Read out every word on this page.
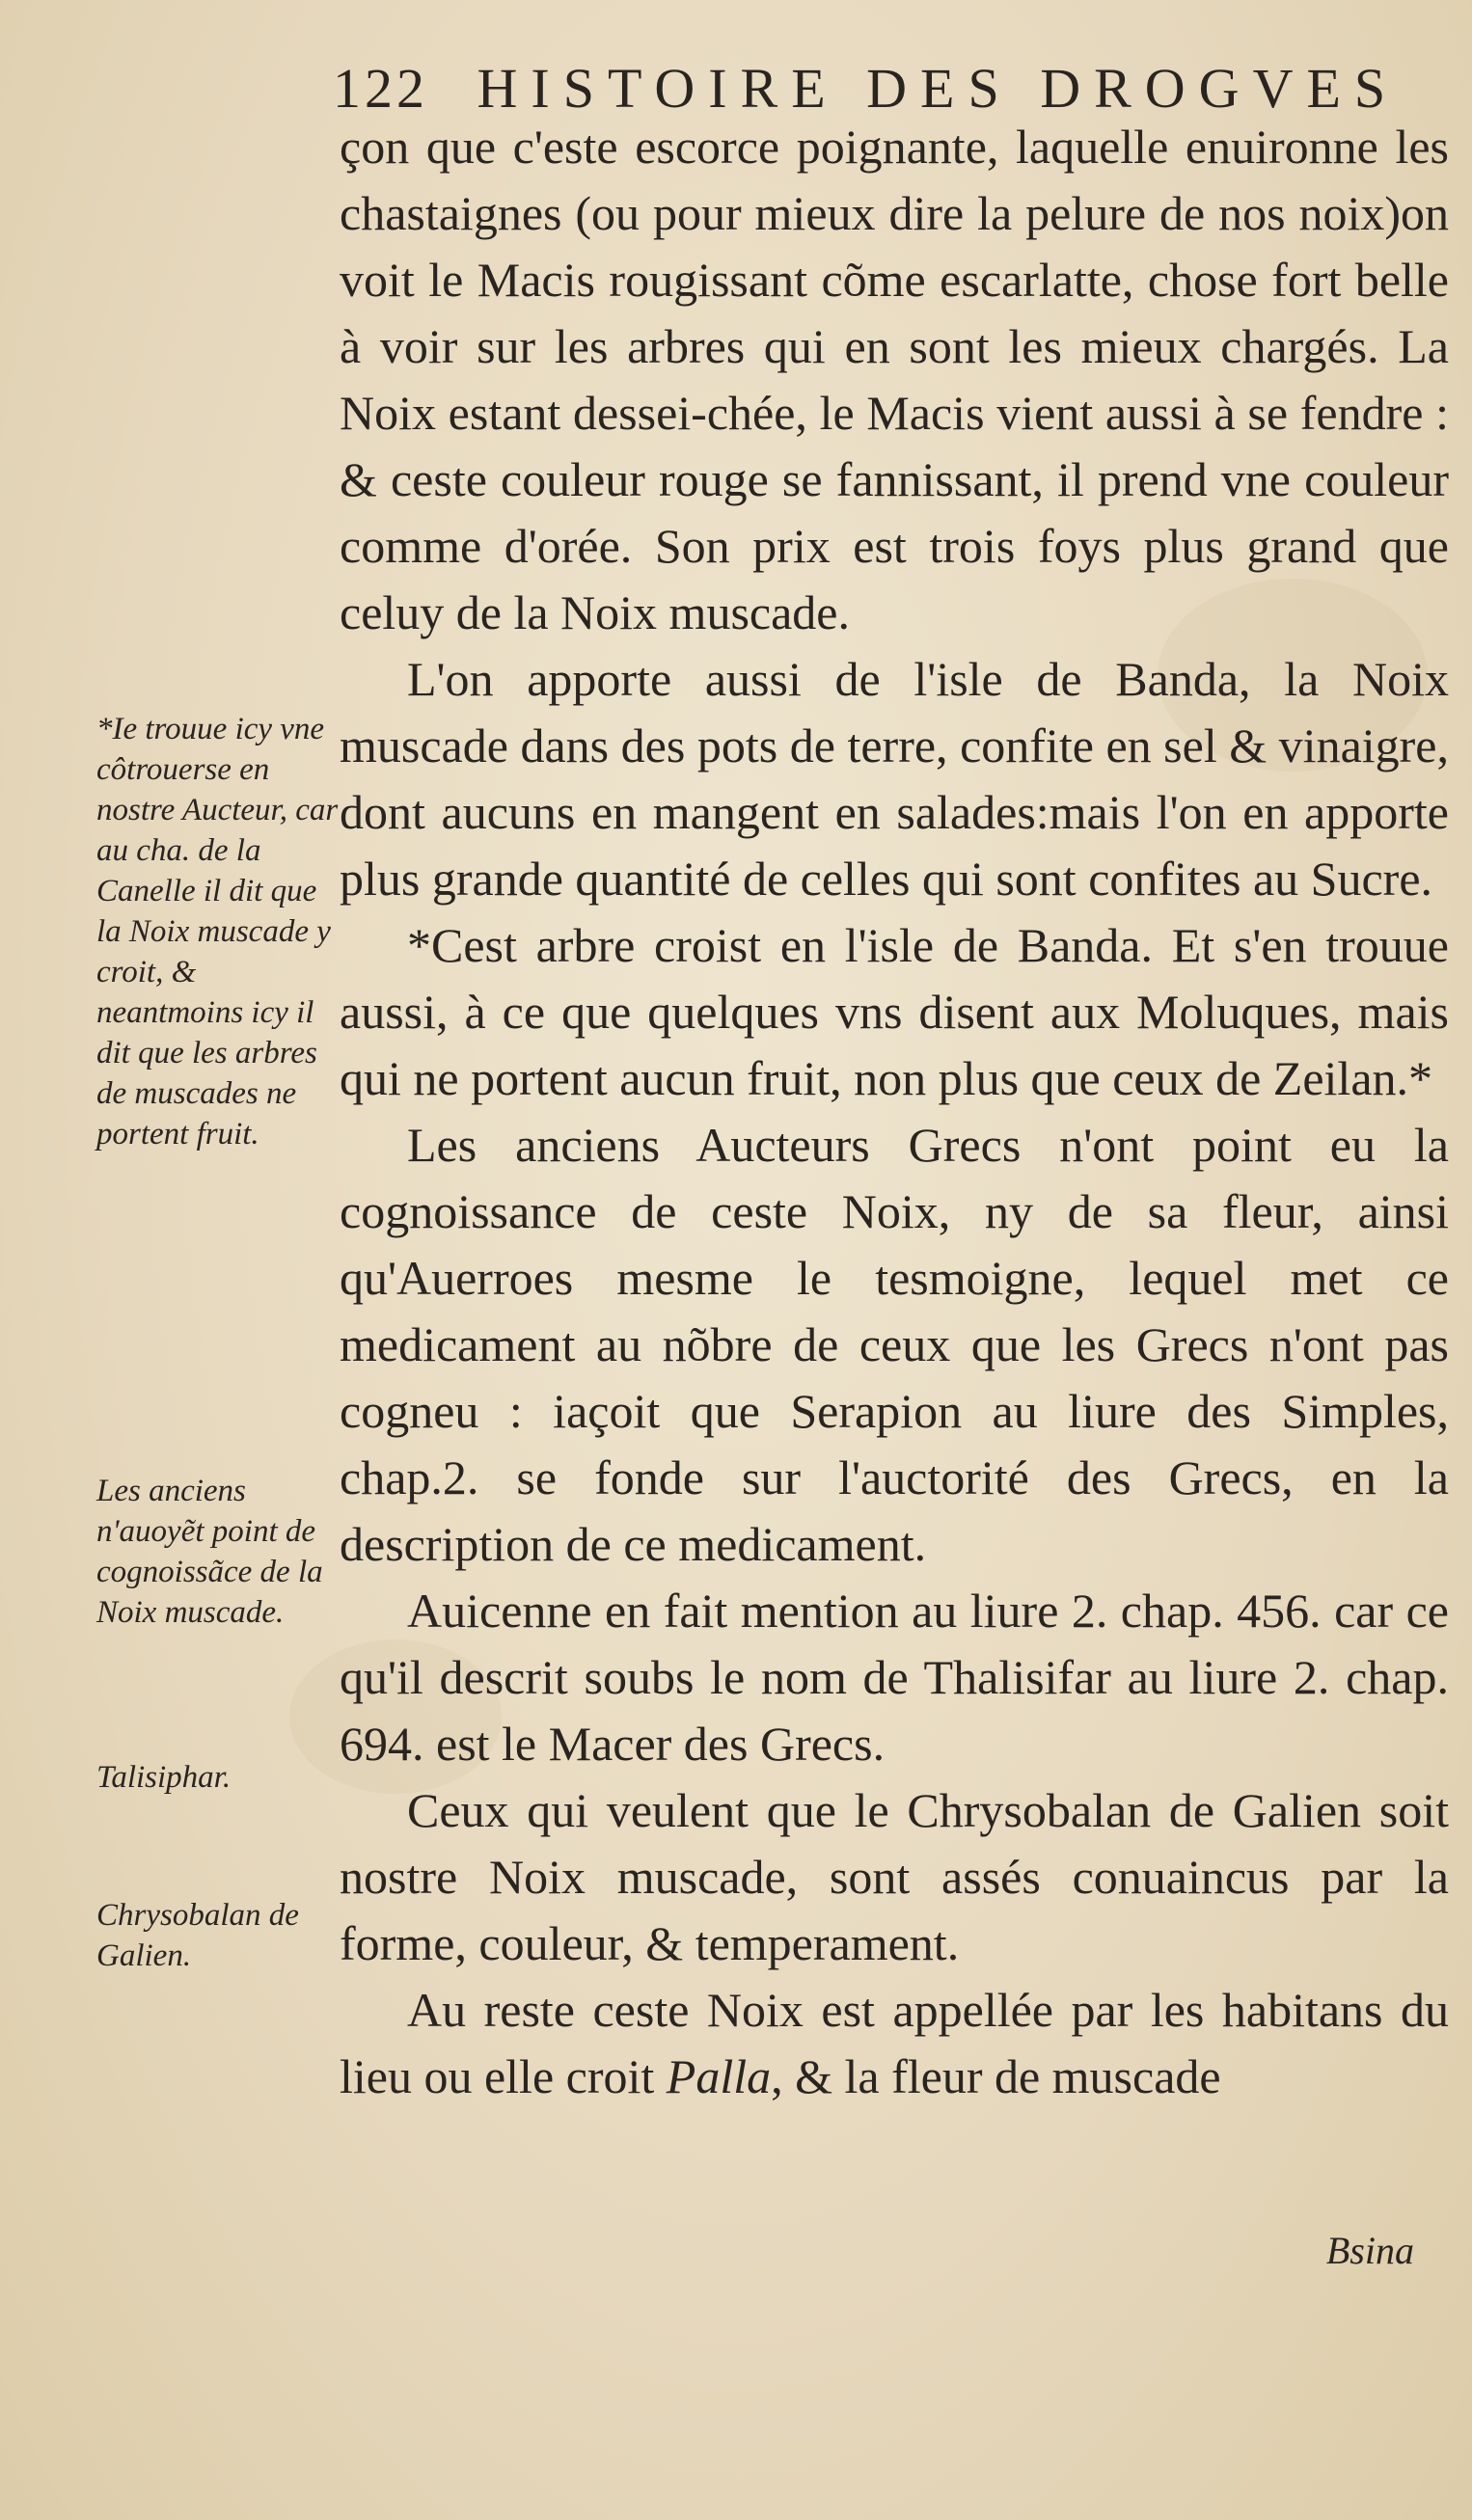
122 HISTOIRE DES DROGVES

çon que c'este escorce poignante, laquelle enuironne les chastaignes (ou pour mieux dire la pelure de nos noix)on voit le Macis rougissant cõme escarlatte, chose fort belle à voir sur les arbres qui en sont les mieux chargés. La Noix estant dessei-chée, le Macis vient aussi à se fendre : & ceste couleur rouge se fannissant, il prend vne couleur comme d'orée. Son prix est trois foys plus grand que celuy de la Noix muscade.

L'on apporte aussi de l'isle de Banda, la Noix muscade dans des pots de terre, confite en sel & vinaigre, dont aucuns en mangent en salades:mais l'on en apporte plus grande quantité de celles qui sont confites au Sucre.

*Cest arbre croist en l'isle de Banda. Et s'en trouue aussi, à ce que quelques vns disent aux Moluques, mais qui ne portent aucun fruit, non plus que ceux de Zeilan.*

Les anciens Aucteurs Grecs n'ont point eu la cognoissance de ceste Noix, ny de sa fleur, ainsi qu'Auerroes mesme le tesmoigne, lequel met ce medicament au nõbre de ceux que les Grecs n'ont pas cogneu : iaçoit que Serapion au liure des Simples, chap.2. se fonde sur l'auctorité des Grecs, en la description de ce medicament.

Auicenne en fait mention au liure 2. chap. 456. car ce qu'il descrit soubs le nom de Thalisifar au liure 2. chap. 694. est le Macer des Grecs.

Ceux qui veulent que le Chrysobalan de Galien soit nostre Noix muscade, sont assés conuaincus par la forme, couleur, & temperament.

Au reste ceste Noix est appellée par les habitans du lieu ou elle croit Palla, & la fleur de muscade

*Ie trouue icy vne côtrouerse en nostre Aucteur, car au cha. de la Canelle il dit que la Noix muscade y croit, & neantmoins icy il dit que les arbres de muscades ne portent fruit.
Les anciens n'auoyẽt point de cognoissãce de la Noix muscade.
Talisiphar.
Chrysobalan de Galien.
Bsina
